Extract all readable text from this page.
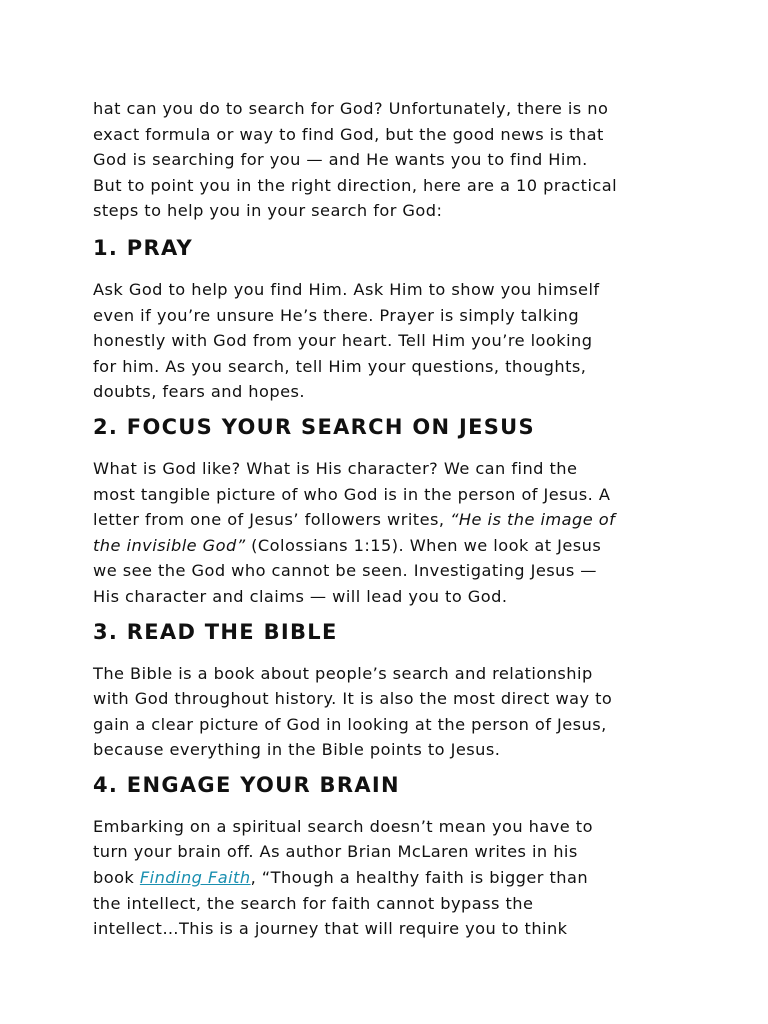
hat can you do to search for God? Unfortunately, there is no
exact formula or way to find God, but the good news is that
God is searching for you — and He wants you to find Him.
But to point you in the right direction, here are a 10 practical
steps to help you in your search for God:

1. PRAY

Ask God to help you find Him. Ask Him to show you himself
even if you’re unsure He’s there. Prayer is simply talking
honestly with God from your heart. Tell Him you’re looking
for him. As you search, tell Him your questions, thoughts,
doubts, fears and hopes.

2. FOCUS YOUR SEARCH ON JESUS

What is God like? What is His character? We can find the
most tangible picture of who God is in the person of Jesus. A
letter from one of Jesus’ followers writes, “He is the image of
the invisible God” (Colossians 1:15). When we look at Jesus
we see the God who cannot be seen. Investigating Jesus —
His character and claims — will lead you to God.

3. READ THE BIBLE

The Bible is a book about people’s search and relationship
with God throughout history. It is also the most direct way to
gain a clear picture of God in looking at the person of Jesus,
because everything in the Bible points to Jesus.

4. ENGAGE YOUR BRAIN

Embarking on a spiritual search doesn’t mean you have to
turn your brain off. As author Brian McLaren writes in his
book Finding Faith, “Though a healthy faith is bigger than
the intellect, the search for faith cannot bypass the
intellect…This is a journey that will require you to think
